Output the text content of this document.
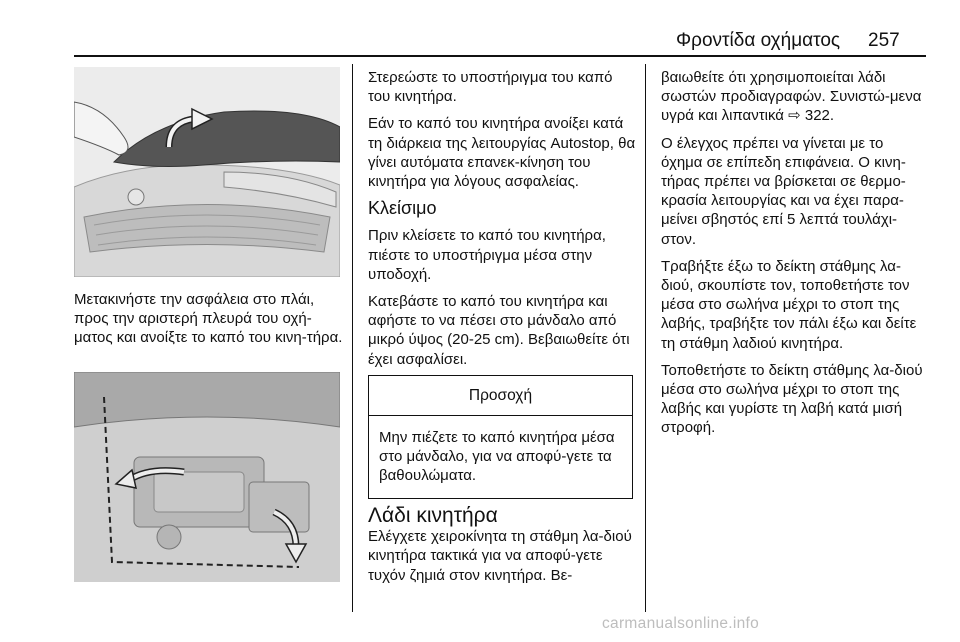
Φροντίδα οχήματος 257
Μετακινήστε την ασφάλεια στο πλάι, προς την αριστερή πλευρά του οχή-ματος και ανοίξτε το καπό του κινη-τήρα.

Στερεώστε το υποστήριγμα του καπό του κινητήρα.

Εάν το καπό του κινητήρα ανοίξει κατά τη διάρκεια της λειτουργίας Autostop, θα γίνει αυτόματα επανεκ-κίνηση του κινητήρα για λόγους ασφαλείας.

Κλείσιμο

Πριν κλείσετε το καπό του κινητήρα, πιέστε το υποστήριγμα μέσα στην υποδοχή.

Κατεβάστε το καπό του κινητήρα και αφήστε το να πέσει στο μάνδαλο από μικρό ύψος (20-25 cm). Βεβαιωθείτε ότι έχει ασφαλίσει.

Προσοχή
Μην πιέζετε το καπό κινητήρα μέσα στο μάνδαλο, για να αποφύ-γετε τα βαθουλώματα.
Λάδι κινητήρα

Ελέγχετε χειροκίνητα τη στάθμη λα-διού κινητήρα τακτικά για να αποφύ-γετε τυχόν ζημιά στον κινητήρα. Βε-

βαιωθείτε ότι χρησιμοποιείται λάδι σωστών προδιαγραφών. Συνιστώ-μενα υγρά και λιπαντικά ⇨ 322.

Ο έλεγχος πρέπει να γίνεται με το όχημα σε επίπεδη επιφάνεια. Ο κινη-τήρας πρέπει να βρίσκεται σε θερμο-κρασία λειτουργίας και να έχει παρα-μείνει σβηστός επί 5 λεπτά τουλάχι-στον.

Τραβήξτε έξω το δείκτη στάθμης λα-διού, σκουπίστε τον, τοποθετήστε τον μέσα στο σωλήνα μέχρι το στοπ της λαβής, τραβήξτε τον πάλι έξω και δείτε τη στάθμη λαδιού κινητήρα.

Τοποθετήστε το δείκτη στάθμης λα-διού μέσα στο σωλήνα μέχρι το στοπ της λαβής και γυρίστε τη λαβή κατά μισή στροφή.

carmanualsonline.info
